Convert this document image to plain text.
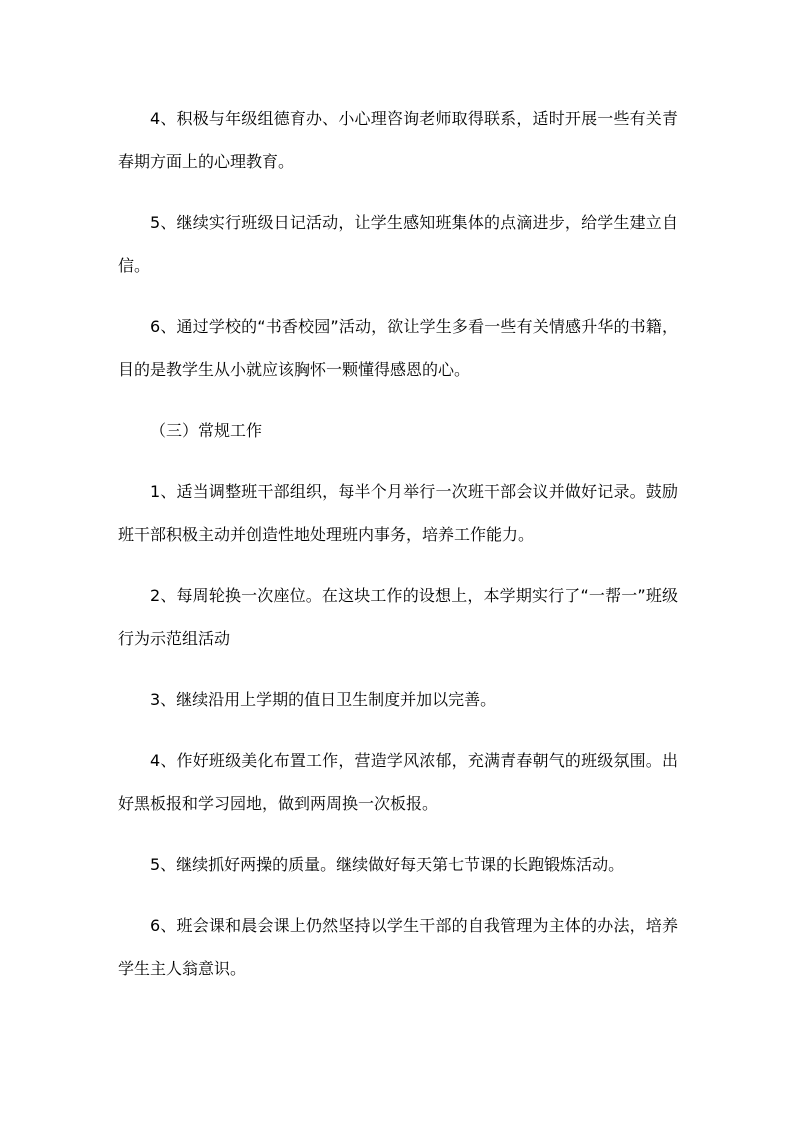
4、积极与年级组德育办、小心理咨询老师取得联系，适时开展一些有关青春期方面上的心理教育。

5、继续实行班级日记活动，让学生感知班集体的点滴进步，给学生建立自信。

6、通过学校的“书香校园”活动，欲让学生多看一些有关情感升华的书籍，目的是教学生从小就应该胸怀一颗懂得感恩的心。

（三）常规工作

1、适当调整班干部组织，每半个月举行一次班干部会议并做好记录。鼓励班干部积极主动并创造性地处理班内事务，培养工作能力。

2、每周轮换一次座位。在这块工作的设想上，本学期实行了“一帮一”班级行为示范组活动

3、继续沿用上学期的值日卫生制度并加以完善。

4、作好班级美化布置工作，营造学风浓郁，充满青春朝气的班级氛围。出好黑板报和学习园地，做到两周换一次板报。

5、继续抓好两操的质量。继续做好每天第七节课的长跑锻炼活动。

6、班会课和晨会课上仍然坚持以学生干部的自我管理为主体的办法，培养学生主人翁意识。
